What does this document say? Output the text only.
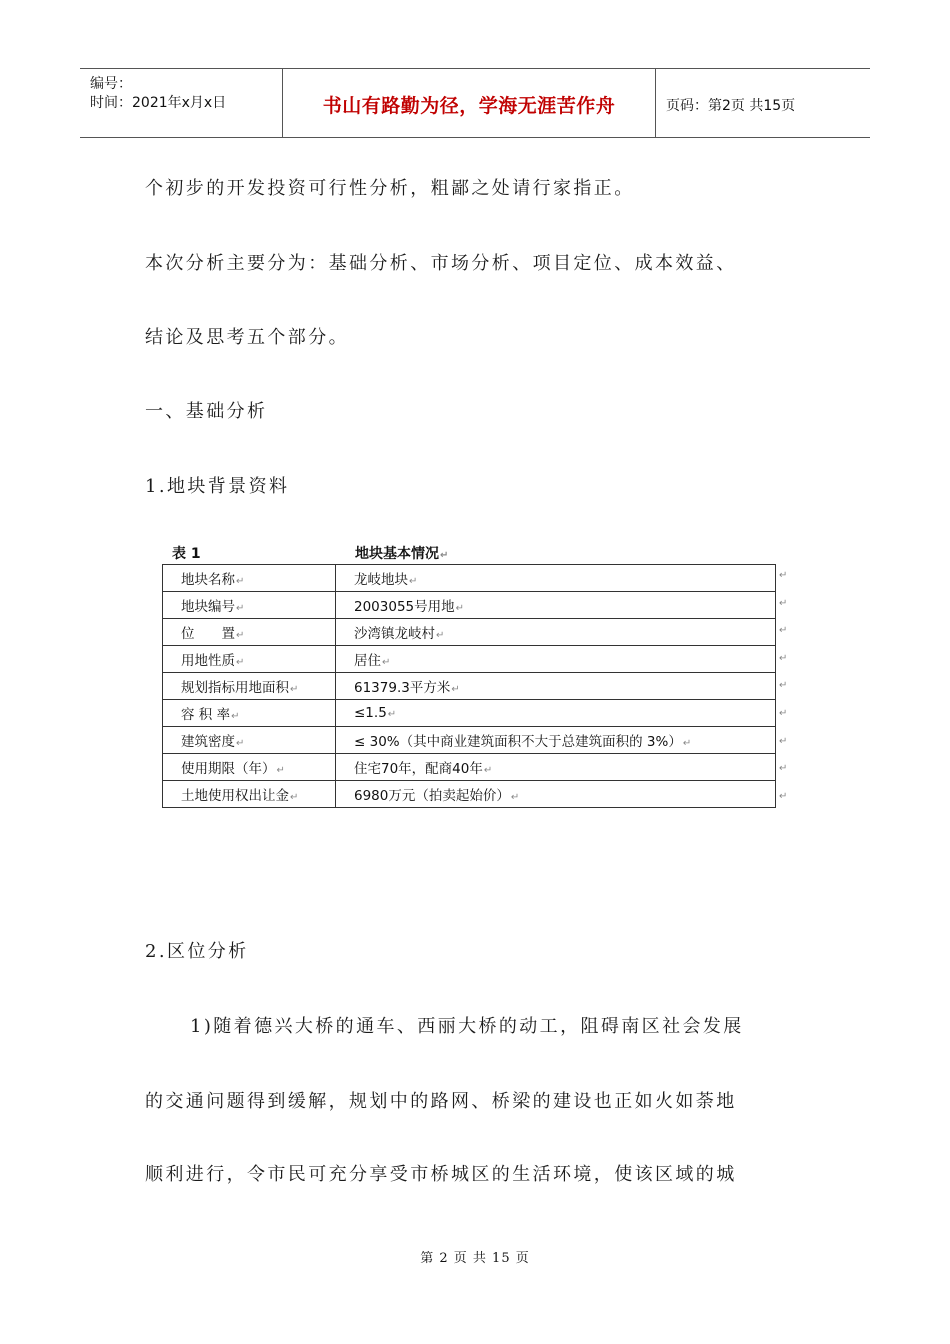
编号：
时间：2021年x月x日	书山有路勤为径，学海无涯苦作舟	页码：第2页 共15页
个初步的开发投资可行性分析，粗鄙之处请行家指正。
本次分析主要分为：基础分析、市场分析、项目定位、成本效益、
结论及思考五个部分。
一、基础分析
1.地块背景资料
表 1	地块基本情况↵
地块名称↵	龙岐地块↵
地块编号↵	2003055号用地↵
位　　置↵	沙湾镇龙岐村↵
用地性质↵	居住↵
规划指标用地面积↵	61379.3平方米↵
容 积 率↵	≤1.5↵
建筑密度↵	≤ 30%（其中商业建筑面积不大于总建筑面积的 3%）↵
使用期限（年）↵	住宅70年，配商40年↵
土地使用权出让金↵	6980万元（拍卖起始价）↵
↵
↵
↵
↵
↵
↵
↵
↵
↵
2.区位分析
1)随着德兴大桥的通车、西丽大桥的动工，阻碍南区社会发展
的交通问题得到缓解，规划中的路网、桥梁的建设也正如火如荼地
顺利进行，令市民可充分享受市桥城区的生活环境，使该区域的城
第 2 页 共 15 页
